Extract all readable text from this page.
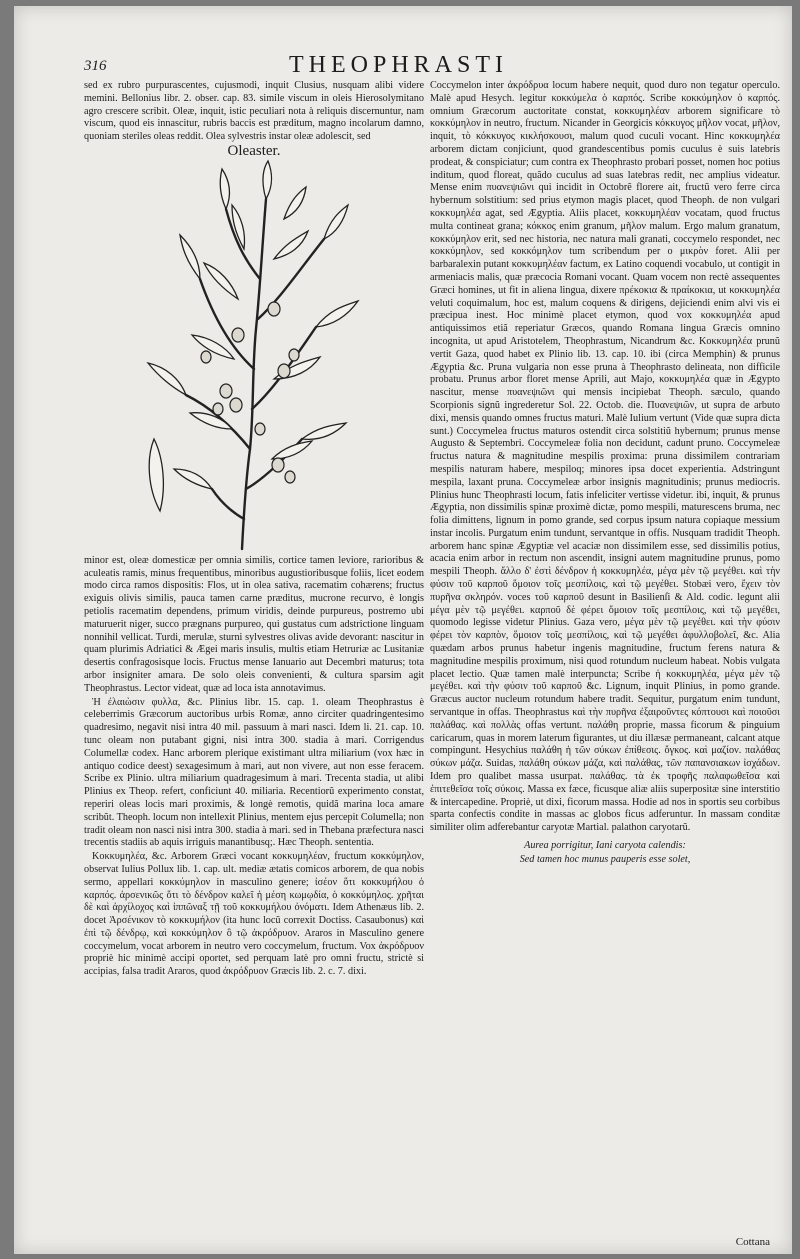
316	THEOPHRASTI

sed ex rubro purpurascentes, cujusmodi, inquit Clusius, nusquam alibi videre memini. Bellonius libr. 2. obser. cap. 83. simile viscum in oleis Hierosolymitano agro crescere scribit. Oleæ, inquit, istic peculiari nota à reliquis discernuntur, nam viscum, quod eis innascitur, rubris baccis est præditum, magno incolarum damno, quoniam steriles oleas reddit. Olea sylvestris instar oleæ adolescit, sed

Oleaster.

minor est, oleæ domesticæ per omnia similis, cortice tamen leviore, rarioribus & aculeatis ramis, minus frequentibus, minoribus augustioribusque foliis, licet eodem modo circa ramos dispositis: Flos, ut in olea sativa, racematim cohærens; fructus exiguis olivis similis, pauca tamen carne præditus, mucrone recurvo, è longis petiolis racematim dependens, primum viridis, deinde purpureus, postremo ubi maturuerit niger, succo prægnans purpureo, qui gustatus cum adstrictione linguam nonnihil vellicat. Turdi, merulæ, sturni sylvestres olivas avide devorant: nascitur in quam plurimis Adriatici & Ægei maris insulis, multis etiam Hetruriæ ac Lusitaniæ desertis confragosisque locis. Fructus mense Ianuario aut Decembri maturus; tota arbor insigniter amara. De solo oleis convenienti, & cultura sparsim agit Theophrastus. Lector videat, quæ ad loca ista annotavimus.

Ἡ ἐλαιὼσιν φυλλα, &c. Plinius libr. 15. cap. 1. oleam Theophrastus è celeberrimis Græcorum auctoribus urbis Romæ, anno circiter quadringentesimo quadresimo, negavit nisi intra 40 mil. passuum à mari nasci. Idem li. 21. cap. 10. tunc oleam non putabant gigni, nisi intra 300. stadia à mari. Corrigendus Columellæ codex. Hanc arborem plerique existimant ultra miliarium (vox hæc in antiquo codice deest) sexagesimum à mari, aut non vivere, aut non esse feracem. Scribe ex Plinio. ultra miliarium quadragesimum à mari. Trecenta stadia, ut alibi Plinius ex Theop. refert, conficiunt 40. miliaria. Recentiorũ experimento constat, reperiri oleas locis mari proximis, & longè remotis, quidã marina loca amare scribũt. Theoph. locum non intellexit Plinius, mentem ejus percepit Columella; non tradit oleam non nasci nisi intra 300. stadia à mari. sed in Thebana præfectura nasci trecentis stadiis ab aquis irriguis manantibusq;. Hæc Theoph. sententia.

Κοκκυμηλέα, &c. Arborem Græci vocant κοκκυμηλέαν, fructum κοκκύμηλον, observat Iulius Pollux lib. 1. cap. ult. mediæ ætatis comicos arborem, de qua nobis sermo, appellari κοκκύμηλον in masculino genere; ἰσέον ὅτι κοκκυμήλου ὁ καρπός. ἀρσενικῶς ὅτι τὸ δένδρον καλεῖ ἡ μέση κωμῳδία, ὁ κοκκύμηλος. χρῆται δὲ καὶ ἀρχίλοχος καὶ ἰππῶναξ τῇ τοῦ κοκκυμήλου ὀνόματι. Idem Athenæus lib. 2. docet Ἀρσένικον τὸ κοκκυμήλον (ita hunc locũ correxit Doctiss. Casaubonus) καὶ ἐπὶ τῷ δένδρῳ, καὶ κοκκύμηλον ὃ τῷ ἀκρόδρυον. Araros in Masculino genere coccymelum, vocat arborem in neutro vero coccymelum, fructum. Vox ἀκρόδρυον propriè hic minimè accipi oportet, sed perquam latè pro omni fructu, strictè si accipias, falsa tradit Araros, quod ἀκρόδρυον Græcis lib. 2. c. 7. dixi.

Coccymelon inter ἀκρόδρυα locum habere nequit, quod duro non tegatur operculo. Malè apud Hesych. legitur κοκκύμελα ὁ καρπός. Scribe κοκκύμηλον ὁ καρπός. omnium Græcorum auctoritate constat, κοκκυμηλέαν arborem significare τὸ κοκκύμηλον in neutro, fructum. Nicander in Georgicis κόκκυγος μῆλον vocat, μῆλον, inquit, τὸ κόκκυγος κικλήσκουσι, malum quod cuculi vocant. Hinc κοκκυμηλέα arborem dictam conjiciunt, quod grandescentibus pomis cuculus è suis latebris prodeat, & conspiciatur; cum contra ex Theophrasto probari posset, nomen hoc potius inditum, quod floreat, quãdo cuculus ad suas latebras redit, nec amplius videatur. Mense enim πυανεψιῶνι qui incidit in Octobrẽ florere ait, fructũ vero ferre circa hybernum solstitium: sed prius etymon magis placet, quod Theoph. de non vulgari κοκκυμηλέα agat, sed Ægyptia. Aliis placet, κοκκυμηλέαν vocatam, quod fructus multa contineat grana; κόκκος enim granum, μῆλον malum. Ergo malum granatum, κοκκύμηλον erit, sed nec historia, nec natura mali granati, coccymelo respondet, nec κοκκύμηλον, sed κοκκόμηλον tum scribendum per ο μικρὸν foret. Alii per barbaralexin putant κοκκυμηλέαν factum, ex Latino coquendi vocabulo, ut contigit in armeniacis malis, quæ præcocia Romani vocant. Quam vocem non rectè assequentes Græci homines, ut fit in aliena lingua, dixere πρέκοκια & πραίκοκια, ut κοκκυμηλέα veluti coquimalum, hoc est, malum coquens & dirigens, dejiciendi enim alvi vis ei præcipua inest. Hoc minimè placet etymon, quod vox κοκκυμηλέα apud antiquissimos etiã reperiatur Græcos, quando Romana lingua Græcis omnino incognita, ut apud Aristotelem, Theophrastum, Nicandrum &c. Κοκκυμηλέα prunũ vertit Gaza, quod habet ex Plinio lib. 13. cap. 10. ibi (circa Memphin) & prunus Ægyptia &c. Pruna vulgaria non esse pruna à Theophrasto delineata, non difficile probatu. Prunus arbor floret mense Aprili, aut Majo, κοκκυμηλέα quæ in Ægypto nascitur, mense πυανεψιῶνι qui mensis incipiebat Theoph. sæculo, quando Scorpionis signũ ingrederetur Sol. 22. Octob. die. Πυανεψιῶν, ut supra de arbuto dixi, mensis quando omnes fructus maturi. Malè Iulium vertunt (Vide quæ supra dicta sunt.) Coccymelea fructus maturos ostendit circa solstitiũ hybernum; prunus mense Augusto & Septembri. Coccymeleæ folia non decidunt, cadunt pruno. Coccymeleæ fructus natura & magnitudine mespilis proxima: pruna dissimilem contrariam mespilis naturam habere, mespiloq; minores ipsa docet experientia. Adstringunt mespila, laxant pruna. Coccymeleæ arbor insignis magnitudinis; prunus mediocris. Plinius hunc Theophrasti locum, fatis infeliciter vertisse videtur. ibi, inquit, & prunus Ægyptia, non dissimilis spinæ proximè dictæ, pomo mespili, maturescens bruma, nec folia dimittens, lignum in pomo grande, sed corpus ipsum natura copiaque messium instar incolis. Purgatum enim tundunt, servantque in offis. Nusquam tradidit Theoph. arborem hanc spinæ Ægyptiæ vel acaciæ non dissimilem esse, sed dissimilis potius, acacia enim arbor in rectum non ascendit, insigni autem magnitudine prunus, pomo mespili Theoph. ἄλλο δ' ἐστὶ δένδρον ἡ κοκκυμηλέα, μέγα μὲν τῷ μεγέθει. καὶ τὴν φύσιν τοῦ καρποῦ ὅμοιον τοῖς μεσπίλοις, καὶ τῷ μεγέθει. Stobæi vero, ἔχειν τὸν πυρῆνα σκληρόν. voces τοῦ καρποῦ desunt in Basilienſi & Ald. codic. legunt alii μέγα μὲν τῷ μεγέθει. καρποῦ δὲ φέρει ὅμοιον τοῖς μεσπίλοις, καὶ τῷ μεγέθει, quomodo legisse videtur Plinius. Gaza vero, μέγα μὲν τῷ μεγέθει. καὶ τὴν φύσιν φέρει τὸν καρπὸν, ὅμοιον τοῖς μεσπίλοις, καὶ τῷ μεγέθει ἀφυλλοβολεῖ, &c. Alia quædam arbos prunus habetur ingenis magnitudine, fructum ferens natura & magnitudine mespilis proximum, nisi quod rotundum nucleum habeat. Nobis vulgata placet lectio. Quæ tamen malè interpuncta; Scribe ἡ κοκκυμηλέα, μέγα μὲν τῷ μεγέθει. καὶ τὴν φύσιν τοῦ καρποῦ &c. Lignum, inquit Plinius, in pomo grande. Græcus auctor nucleum rotundum habere tradit. Sequitur, purgatum enim tundunt, servantque in offas. Theophrastus καὶ τὴν πυρῆνα ἐξαιροῦντες κόπτουσι καὶ ποιοῦσι παλάθας. καὶ πολλὰς offas vertunt. παλάθη proprie, massa ficorum & pinguium caricarum, quas in morem laterum figurantes, ut diu illæsæ permaneant, calcant atque compingunt. Hesychius παλάθη ἡ τῶν σύκων ἐπίθεσις. ὄγκος. καὶ μαζίον. παλάθας σύκων μάζα. Suidas, παλάθη σύκων μάζα, καὶ παλάθας, τῶν παπανσιακων ἰσχάδων. Idem pro qualibet massa usurpat. παλάθας. τὰ ἐκ τροφῆς παλαφωθεῖσα καὶ ἐπιτεθεῖσα τοῖς σύκοις. Massa ex fæce, ficusque aliæ aliis superpositæ sine interstitio & intercapedine. Propriè, ut dixi, ficorum massa. Hodie ad nos in sportis seu corbibus sparta confectis condite in massas ac globos ficus adferuntur. In massam conditæ similiter olim adferebantur caryotæ Martial. palathon caryotarũ.

Aurea porrigitur, Iani caryota calendis:
Sed tamen hoc munus pauperis esse solet,
Cottana
